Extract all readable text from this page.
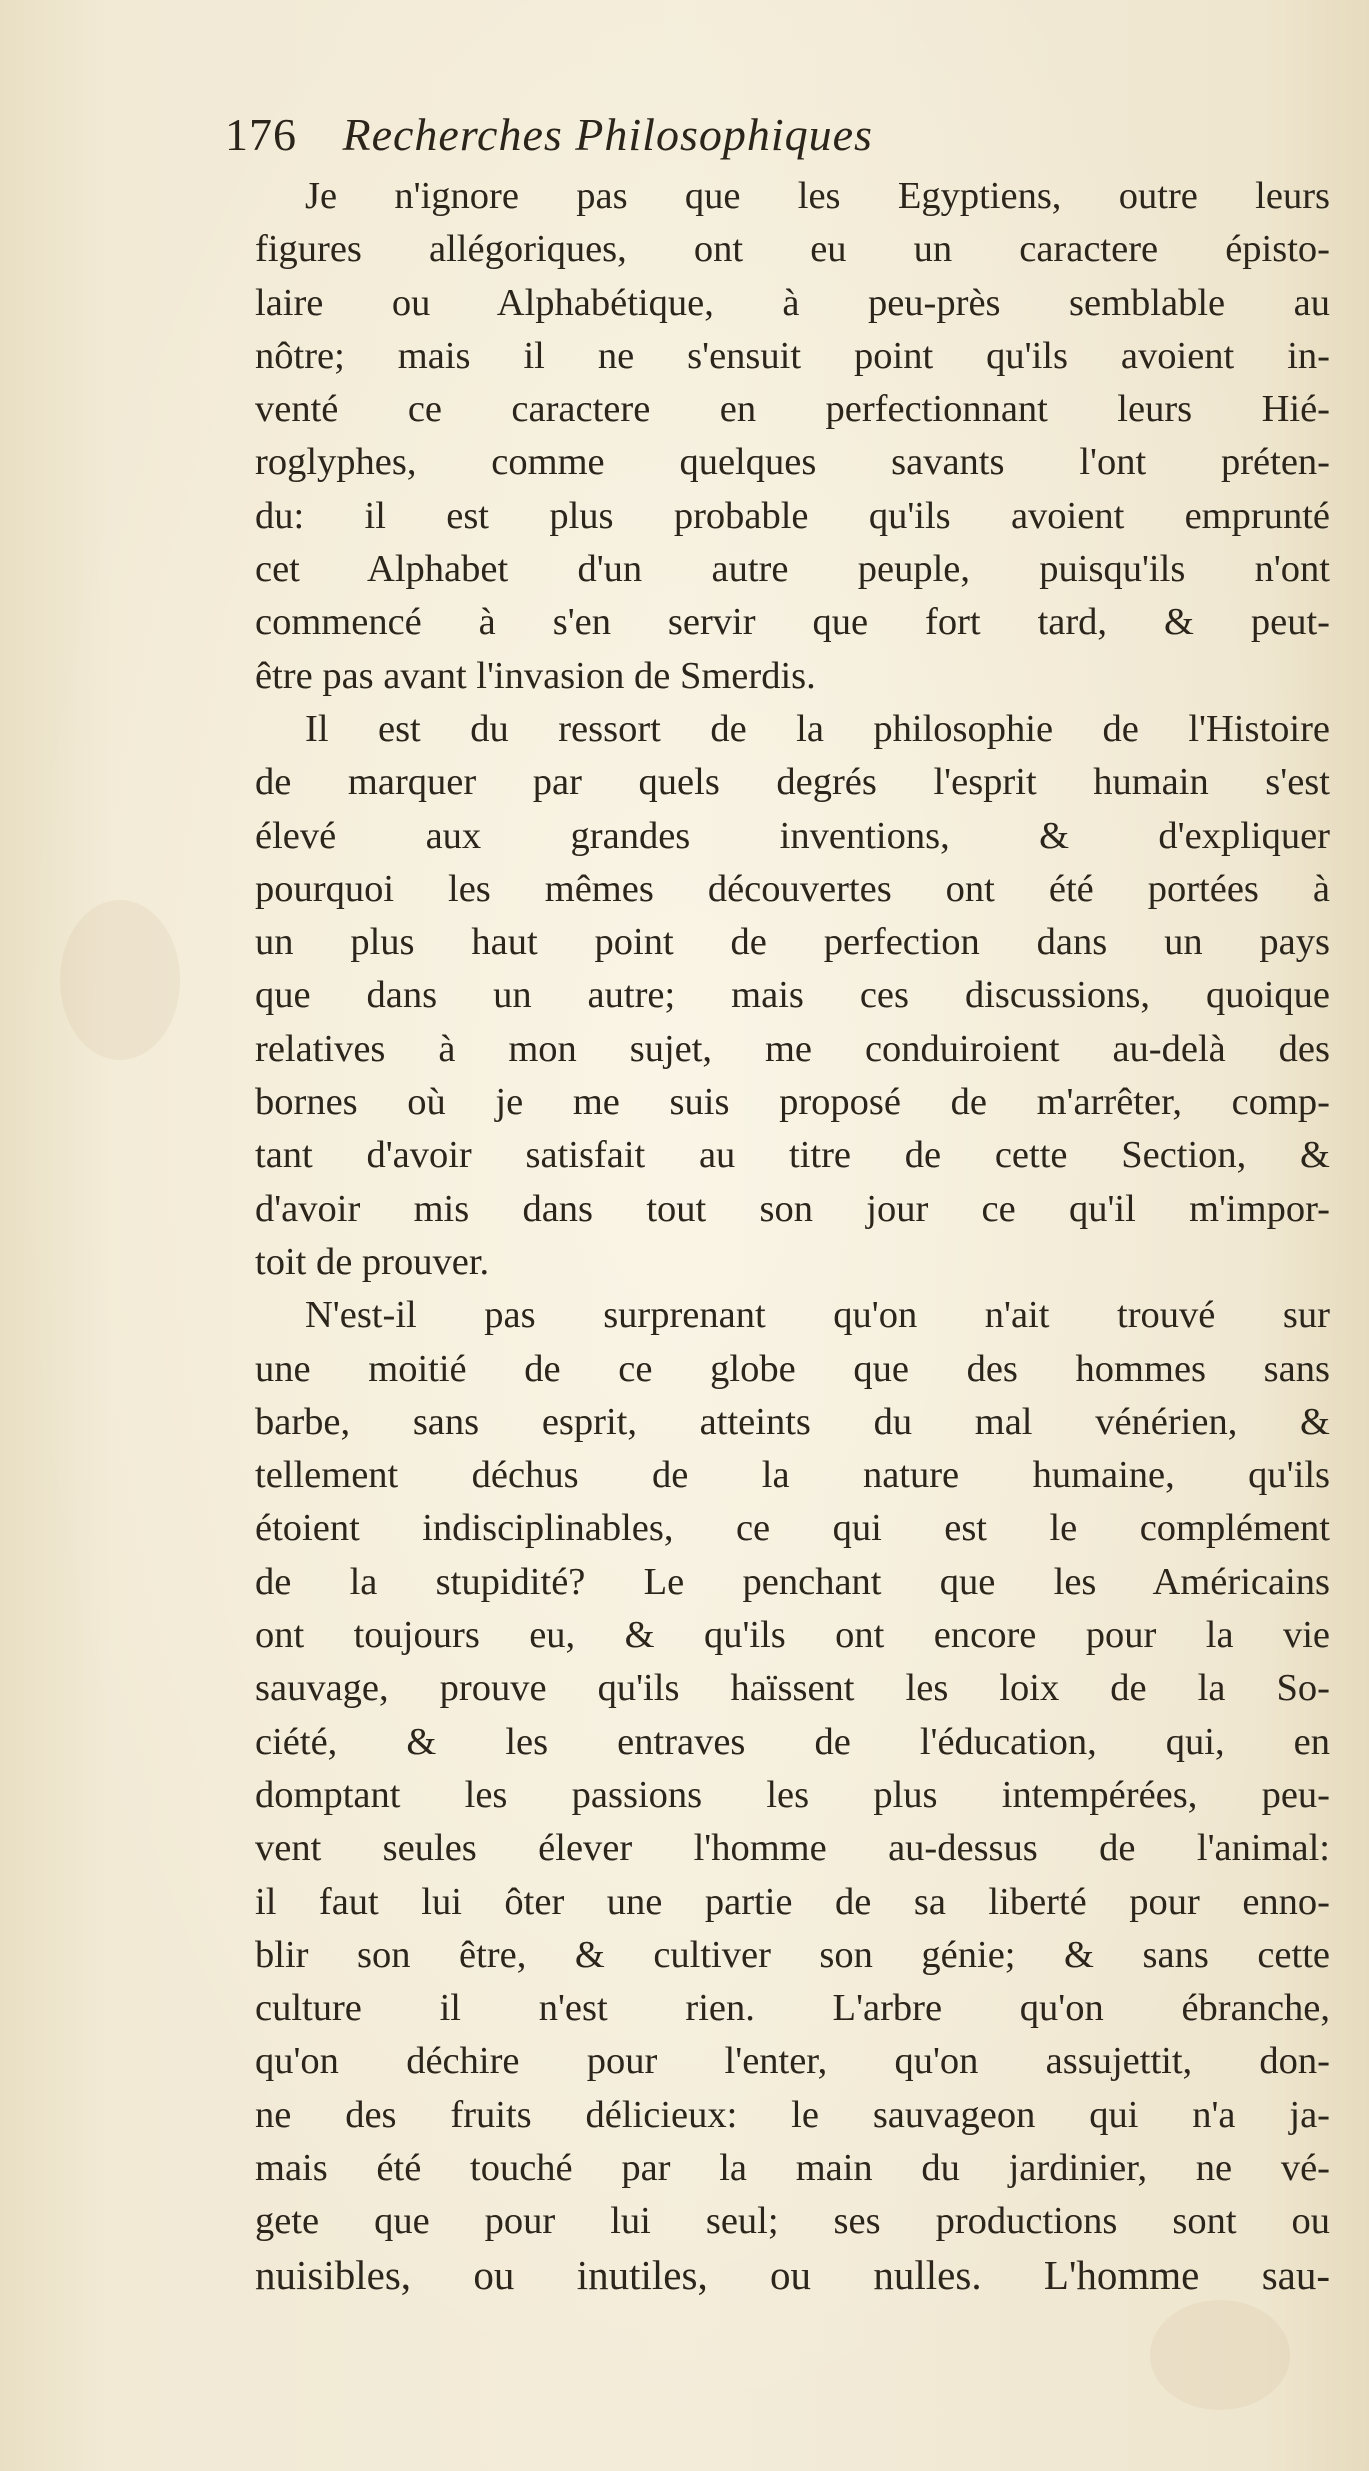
176 Recherches Philosophiques
Je n'ignore pas que les Egyptiens, outre leurs
figures allégoriques, ont eu un caractere épisto-
laire ou Alphabétique, à peu-près semblable au
nôtre; mais il ne s'ensuit point qu'ils avoient in-
venté ce caractere en perfectionnant leurs Hié-
roglyphes, comme quelques savants l'ont préten-
du: il est plus probable qu'ils avoient emprunté
cet Alphabet d'un autre peuple, puisqu'ils n'ont
commencé à s'en servir que fort tard, & peut-
être pas avant l'invasion de Smerdis.
Il est du ressort de la philosophie de l'Histoire
de marquer par quels degrés l'esprit humain s'est
élevé aux grandes inventions, & d'expliquer
pourquoi les mêmes découvertes ont été portées à
un plus haut point de perfection dans un pays
que dans un autre; mais ces discussions, quoique
relatives à mon sujet, me conduiroient au-delà des
bornes où je me suis proposé de m'arrêter, comp-
tant d'avoir satisfait au titre de cette Section, &
d'avoir mis dans tout son jour ce qu'il m'impor-
toit de prouver.
N'est-il pas surprenant qu'on n'ait trouvé sur
une moitié de ce globe que des hommes sans
barbe, sans esprit, atteints du mal vénérien, &
tellement déchus de la nature humaine, qu'ils
étoient indisciplinables, ce qui est le complément
de la stupidité? Le penchant que les Américains
ont toujours eu, & qu'ils ont encore pour la vie
sauvage, prouve qu'ils haïssent les loix de la So-
ciété, & les entraves de l'éducation, qui, en
domptant les passions les plus intempérées, peu-
vent seules élever l'homme au-dessus de l'animal:
il faut lui ôter une partie de sa liberté pour enno-
blir son être, & cultiver son génie; & sans cette
culture il n'est rien. L'arbre qu'on ébranche,
qu'on déchire pour l'enter, qu'on assujettit, don-
ne des fruits délicieux: le sauvageon qui n'a ja-
mais été touché par la main du jardinier, ne vé-
gete que pour lui seul; ses productions sont ou
nuisibles, ou inutiles, ou nulles. L'homme sau-
